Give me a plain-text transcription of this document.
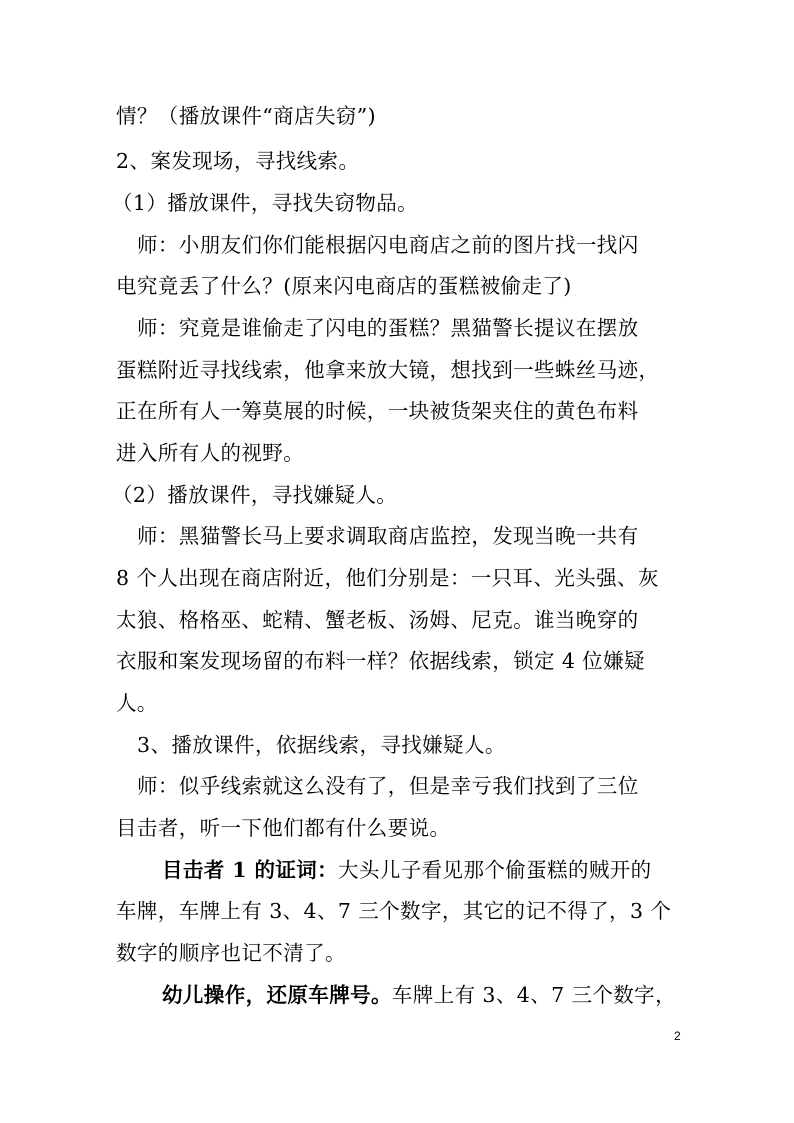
情？（播放课件“商店失窃”)
2、案发现场，寻找线索。
（1）播放课件，寻找失窃物品。
师：小朋友们你们能根据闪电商店之前的图片找一找闪
电究竟丢了什么？(原来闪电商店的蛋糕被偷走了)
师：究竟是谁偷走了闪电的蛋糕？黑猫警长提议在摆放
蛋糕附近寻找线索，他拿来放大镜，想找到一些蛛丝马迹，
正在所有人一筹莫展的时候，一块被货架夹住的黄色布料
进入所有人的视野。
（2）播放课件，寻找嫌疑人。
师：黑猫警长马上要求调取商店监控，发现当晚一共有
8 个人出现在商店附近，他们分别是：一只耳、光头强、灰
太狼、格格巫、蛇精、蟹老板、汤姆、尼克。谁当晚穿的
衣服和案发现场留的布料一样？依据线索，锁定 4 位嫌疑
人。
3、播放课件，依据线索，寻找嫌疑人。
师：似乎线索就这么没有了，但是幸亏我们找到了三位
目击者，听一下他们都有什么要说。
目击者 1 的证词：大头儿子看见那个偷蛋糕的贼开的
车牌，车牌上有 3、4、7 三个数字，其它的记不得了，3 个
数字的顺序也记不清了。
幼儿操作，还原车牌号。车牌上有 3、4、7 三个数字，
2
